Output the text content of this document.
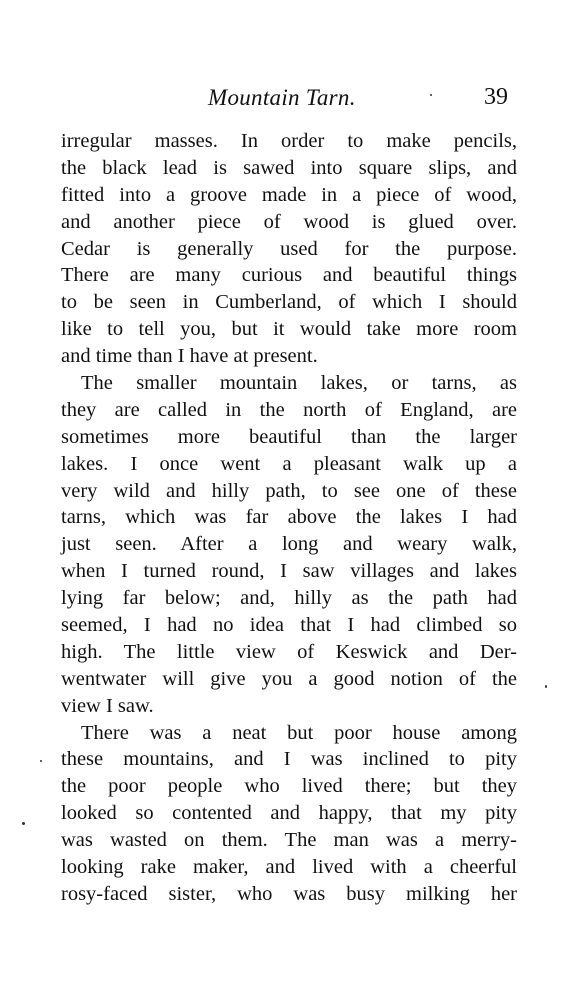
Mountain Tarn.	39
irregular masses. In order to make pencils,
the black lead is sawed into square slips, and
fitted into a groove made in a piece of wood,
and another piece of wood is glued over.
Cedar is generally used for the purpose.
There are many curious and beautiful things
to be seen in Cumberland, of which I should
like to tell you, but it would take more room
and time than I have at present.
The smaller mountain lakes, or tarns, as
they are called in the north of England, are
sometimes more beautiful than the larger
lakes. I once went a pleasant walk up a
very wild and hilly path, to see one of these
tarns, which was far above the lakes I had
just seen. After a long and weary walk,
when I turned round, I saw villages and lakes
lying far below; and, hilly as the path had
seemed, I had no idea that I had climbed so
high. The little view of Keswick and Der-
wentwater will give you a good notion of the
view I saw.
There was a neat but poor house among
these mountains, and I was inclined to pity
the poor people who lived there; but they
looked so contented and happy, that my pity
was wasted on them. The man was a merry-
looking rake maker, and lived with a cheerful
rosy-faced sister, who was busy milking her
